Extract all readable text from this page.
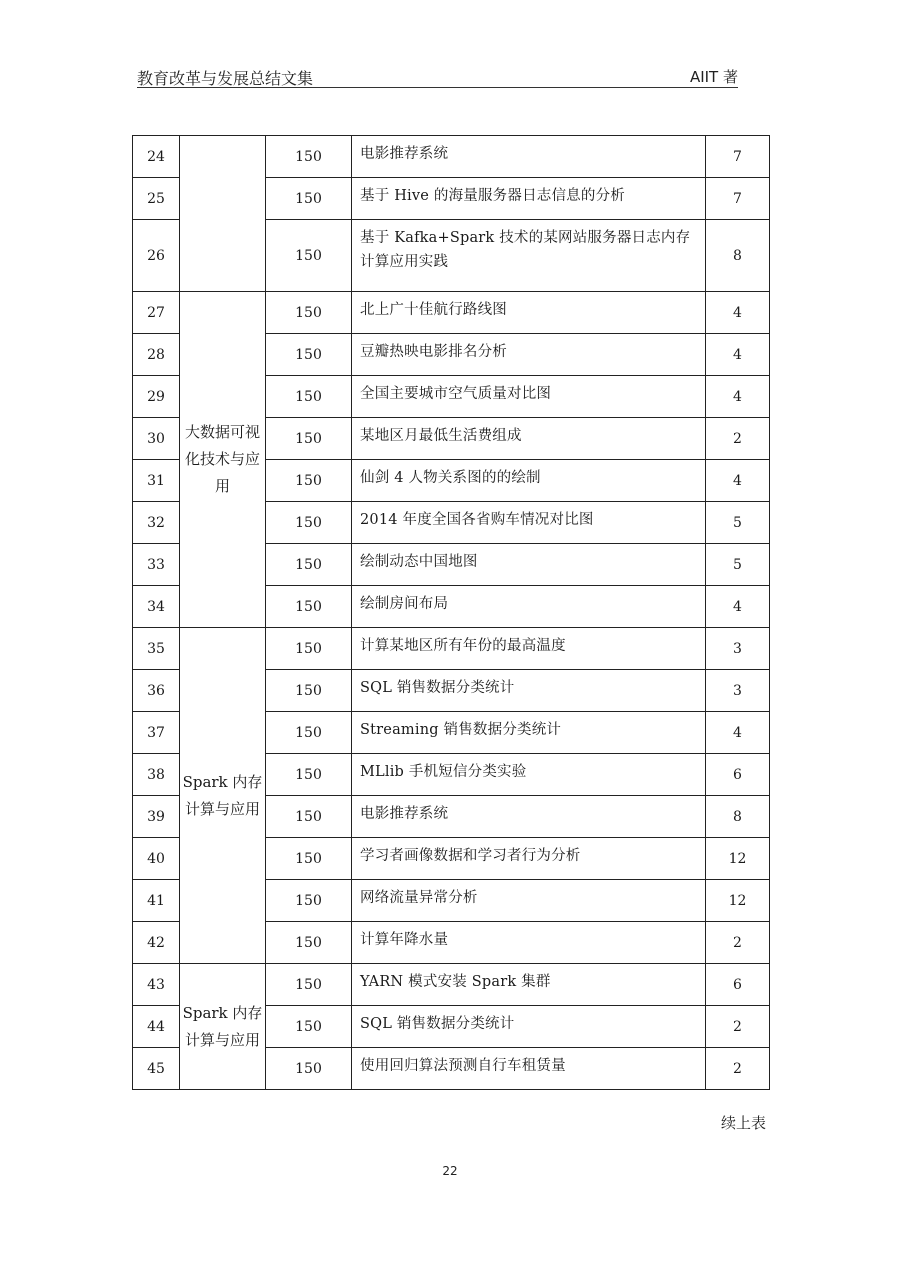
教育改革与发展总结文集	AIIT 著
24		150	电影推荐系统	7
25		150	基于 Hive 的海量服务器日志信息的分析	7
26		150	基于 Kafka+Spark 技术的某网站服务器日志内存计算应用实践	8
27	大数据可视化技术与应用	150	北上广十佳航行路线图	4
28		150	豆瓣热映电影排名分析	4
29		150	全国主要城市空气质量对比图	4
30		150	某地区月最低生活费组成	2
31		150	仙剑 4 人物关系图的的绘制	4
32		150	2014 年度全国各省购车情况对比图	5
33		150	绘制动态中国地图	5
34		150	绘制房间布局	4
35	Spark 内存计算与应用	150	计算某地区所有年份的最高温度	3
36		150	SQL 销售数据分类统计	3
37		150	Streaming 销售数据分类统计	4
38		150	MLlib 手机短信分类实验	6
39		150	电影推荐系统	8
40		150	学习者画像数据和学习者行为分析	12
41		150	网络流量异常分析	12
42		150	计算年降水量	2
43	Spark 内存计算与应用	150	YARN 模式安装 Spark 集群	6
44		150	SQL 销售数据分类统计	2
45		150	使用回归算法预测自行车租赁量	2
续上表
22
